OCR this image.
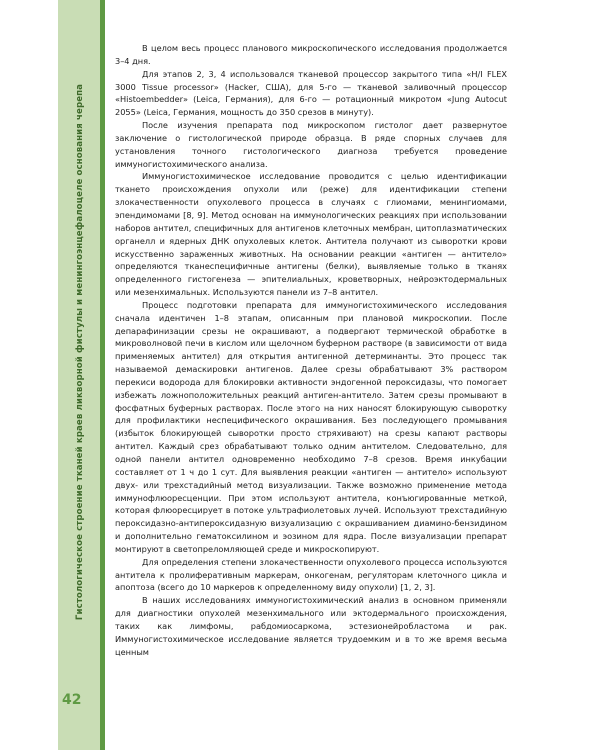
Гистологическое строение тканей краев ликворной фистулы и менингоэнцефалоцеле основания черепа
42

В целом весь процесс планового микроскопического исследования продолжается 3–4 дня.

Для этапов 2, 3, 4 использовался тканевой процессор закрытого типа «H/I FLEX 3000 Tissue processor» (Hacker, США), для 5-го — тканевой заливочный процессор «Histoembedder» (Leica, Германия), для 6-го — ротационный микротом «Jung Autocut 2055» (Leica, Германия, мощность до 350 срезов в минуту).

После изучения препарата под микроскопом гистолог дает развернутое заключение о гистологической природе образца. В ряде спорных случаев для установления точного гистологического диагноза требуется проведение иммуногистохимического анализа.

Иммуногистохимическое исследование проводится с целью идентификации ткането происхождения опухоли или (реже) для идентификации степени злокачественности опухолевого процесса в случаях с глиомами, менингиомами, эпендимомами [8, 9]. Метод основан на иммунологических реакциях при использовании наборов антител, специфичных для антигенов клеточных мембран, цитоплазматических органелл и ядерных ДНК опухолевых клеток. Антитела получают из сыворотки крови искусственно зараженных животных. На основании реакции «антиген — антитело» определяются тканеспецифичные антигены (белки), выявляемые только в тканях определенного гистогенеза — эпителиальных, кроветворных, нейроэктодермальных или мезенхимальных. Используются панели из 7–8 антител.

Процесс подготовки препарата для иммуногистохимического исследования сначала идентичен 1–8 этапам, описанным при плановой микроскопии. После депарафинизации срезы не окрашивают, а подвергают термической обработке в микроволновой печи в кислом или щелочном буферном растворе (в зависимости от вида применяемых антител) для открытия антигенной детерминанты. Это процесс так называемой демаскировки антигенов. Далее срезы обрабатывают 3% раствором перекиси водорода для блокировки активности эндогенной пероксидазы, что помогает избежать ложноположительных реакций антиген-антитело. Затем срезы промывают в фосфатных буферных растворах. После этого на них наносят блокирующую сыворотку для профилактики неспецифического окрашивания. Без последующего промывания (избыток блокирующей сыворотки просто стряхивают) на срезы капают растворы антител. Каждый срез обрабатывают только одним антителом. Следовательно, для одной панели антител одновременно необходимо 7–8 срезов. Время инкубации составляет от 1 ч до 1 сут. Для выявления реакции «антиген — антитело» используют двух- или трехстадийный метод визуализации. Также возможно применение метода иммунофлюоресценции. При этом используют антитела, конъюгированные меткой, которая флюоресцирует в потоке ультрафиолетовых лучей. Используют трехстадийную пероксидазно-антипероксидазную визуализацию с окрашиванием диамино-бензидином и дополнительно гематоксилином и эозином для ядра. После визуализации препарат монтируют в светопреломляющей среде и микроскопируют.

Для определения степени злокачественности опухолевого процесса используются антитела к пролиферативным маркерам, онкогенам, регуляторам клеточного цикла и апоптоза (всего до 10 маркеров к определенному виду опухоли) [1, 2, 3].

В наших исследованиях иммуногистохимический анализ в основном применяли для диагностики опухолей мезенхимального или эктодермального происхождения, таких как лимфомы, рабдомиосаркома, эстезионейробластома и рак. Иммуногистохимическое исследование является трудоемким и в то же время весьма ценным
